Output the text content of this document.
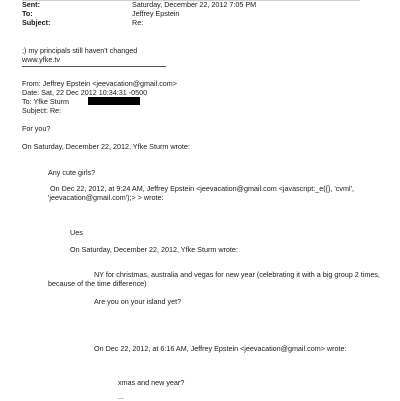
Sent:	Saturday, December 22, 2012 7:05 PM
To:	Jeffrey Epstein
Subject:	Re:
;) my principals still haven't changed
www.yfke.tv
From: Jeffrey Epstein <jeevacation@gmail.com>
Date: Sat, 22 Dec 2012 10:34:31 -0500
To: Yfke Sturm
Subject: Re:
For you?
On Saturday, December 22, 2012, Yfke Sturm wrote:
Any cute girls?
On Dec 22, 2012, at 9:24 AM, Jeffrey Epstein <jeevacation@gmail.com <javascript:_e({}, 'cvml', 'jeevacation@gmail.com');> > wrote:
Ues
On Saturday, December 22, 2012, Yfke Sturm wrote:
NY for christmas, australia and vegas for new year (celebrating it with a big group 2 times, because of the time difference)
Are you on your island yet?
On Dec 22, 2012, at 6:16 AM, Jeffrey Epstein <jeevacation@gmail.com> wrote:
xmas and new year?
...
